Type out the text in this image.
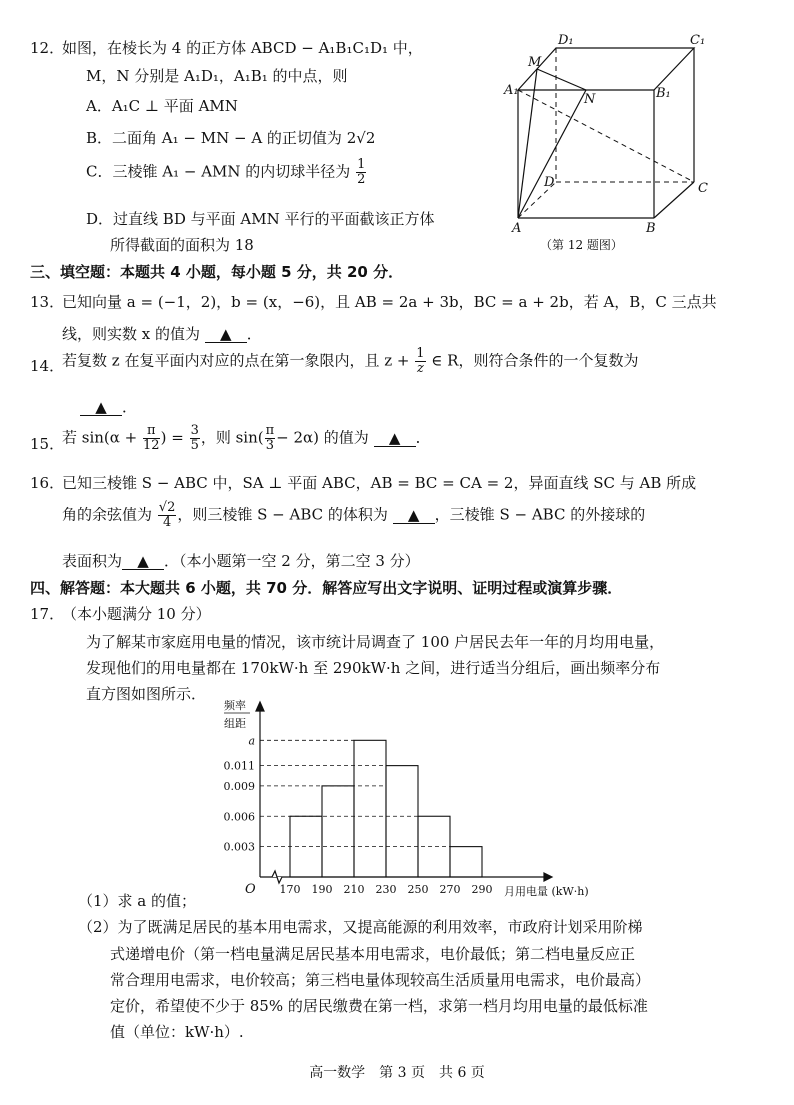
12．
如图，在棱长为 4 的正方体 ABCD − A₁B₁C₁D₁ 中，
M，N 分别是 A₁D₁，A₁B₁ 的中点，则
A．A₁C ⊥ 平面 AMN
B．二面角 A₁ − MN − A 的正切值为 2√2
C．三棱锥 A₁ − AMN 的内切球半径为 $\frac{1}{2}$
D．过直线 BD 与平面 AMN 平行的平面截该正方体
所得截面的面积为 18
D₁	C₁
M
A₁
N	B₁
D	C
A	B
（第 12 题图）
三、填空题：本题共 4 小题，每小题 5 分，共 20 分．
13．
已知向量 a = (−1，2)，b = (x，−6)，且 AB = 2a + 3b，BC = a + 2b，若 A，B，C 三点共
线，则实数 x 的值为 ▲ ．
14．
若复数 z 在复平面内对应的点在第一象限内，且 $z + \frac{1}{z}$ ∈ R，则符合条件的一个复数为
▲ ．
15．
若 $\sin(\alpha + \frac{\pi}{12}$ ) = $\frac{3}{5}$ ，则 $\sin( \frac{\pi}{3} - 2\alpha)$ 的值为 ▲ ．
16．
已知三棱锥 S − ABC 中，SA ⊥ 平面 ABC，AB = BC = CA = 2，异面直线 SC 与 AB 所成
角的余弦值为 $\frac{√2}{4}$ ，则三棱锥 S − ABC 的体积为 ▲ ，三棱锥 S − ABC 的外接球的
表面积为 ▲ ．（本小题第一空 2 分，第二空 3 分）
四、解答题：本大题共 6 小题，共 70 分．解答应写出文字说明、证明过程或演算步骤．
17．
（本小题满分 10 分）
为了解某市家庭用电量的情况，该市统计局调查了 100 户居民去年一年的月均用电量，
发现他们的用电量都在 170kW·h 至 290kW·h 之间，进行适当分组后，画出频率分布
直方图如图所示．
频率
组距
O	月用电量 (kW·h)
0.003
0.006
0.009
0.011
a
170 190 210 230 250 270 290
（1）求 a 的值；
（2）为了既满足居民的基本用电需求，又提高能源的利用效率，市政府计划采用阶梯
式递增电价（第一档电量满足居民基本用电需求，电价最低；第二档电量反应正
常合理用电需求，电价较高；第三档电量体现较高生活质量用电需求，电价最高）
定价，希望使不少于 85% 的居民缴费在第一档，求第一档月均用电量的最低标准
值（单位：kW·h）.
高一数学　第 3 页　共 6 页
